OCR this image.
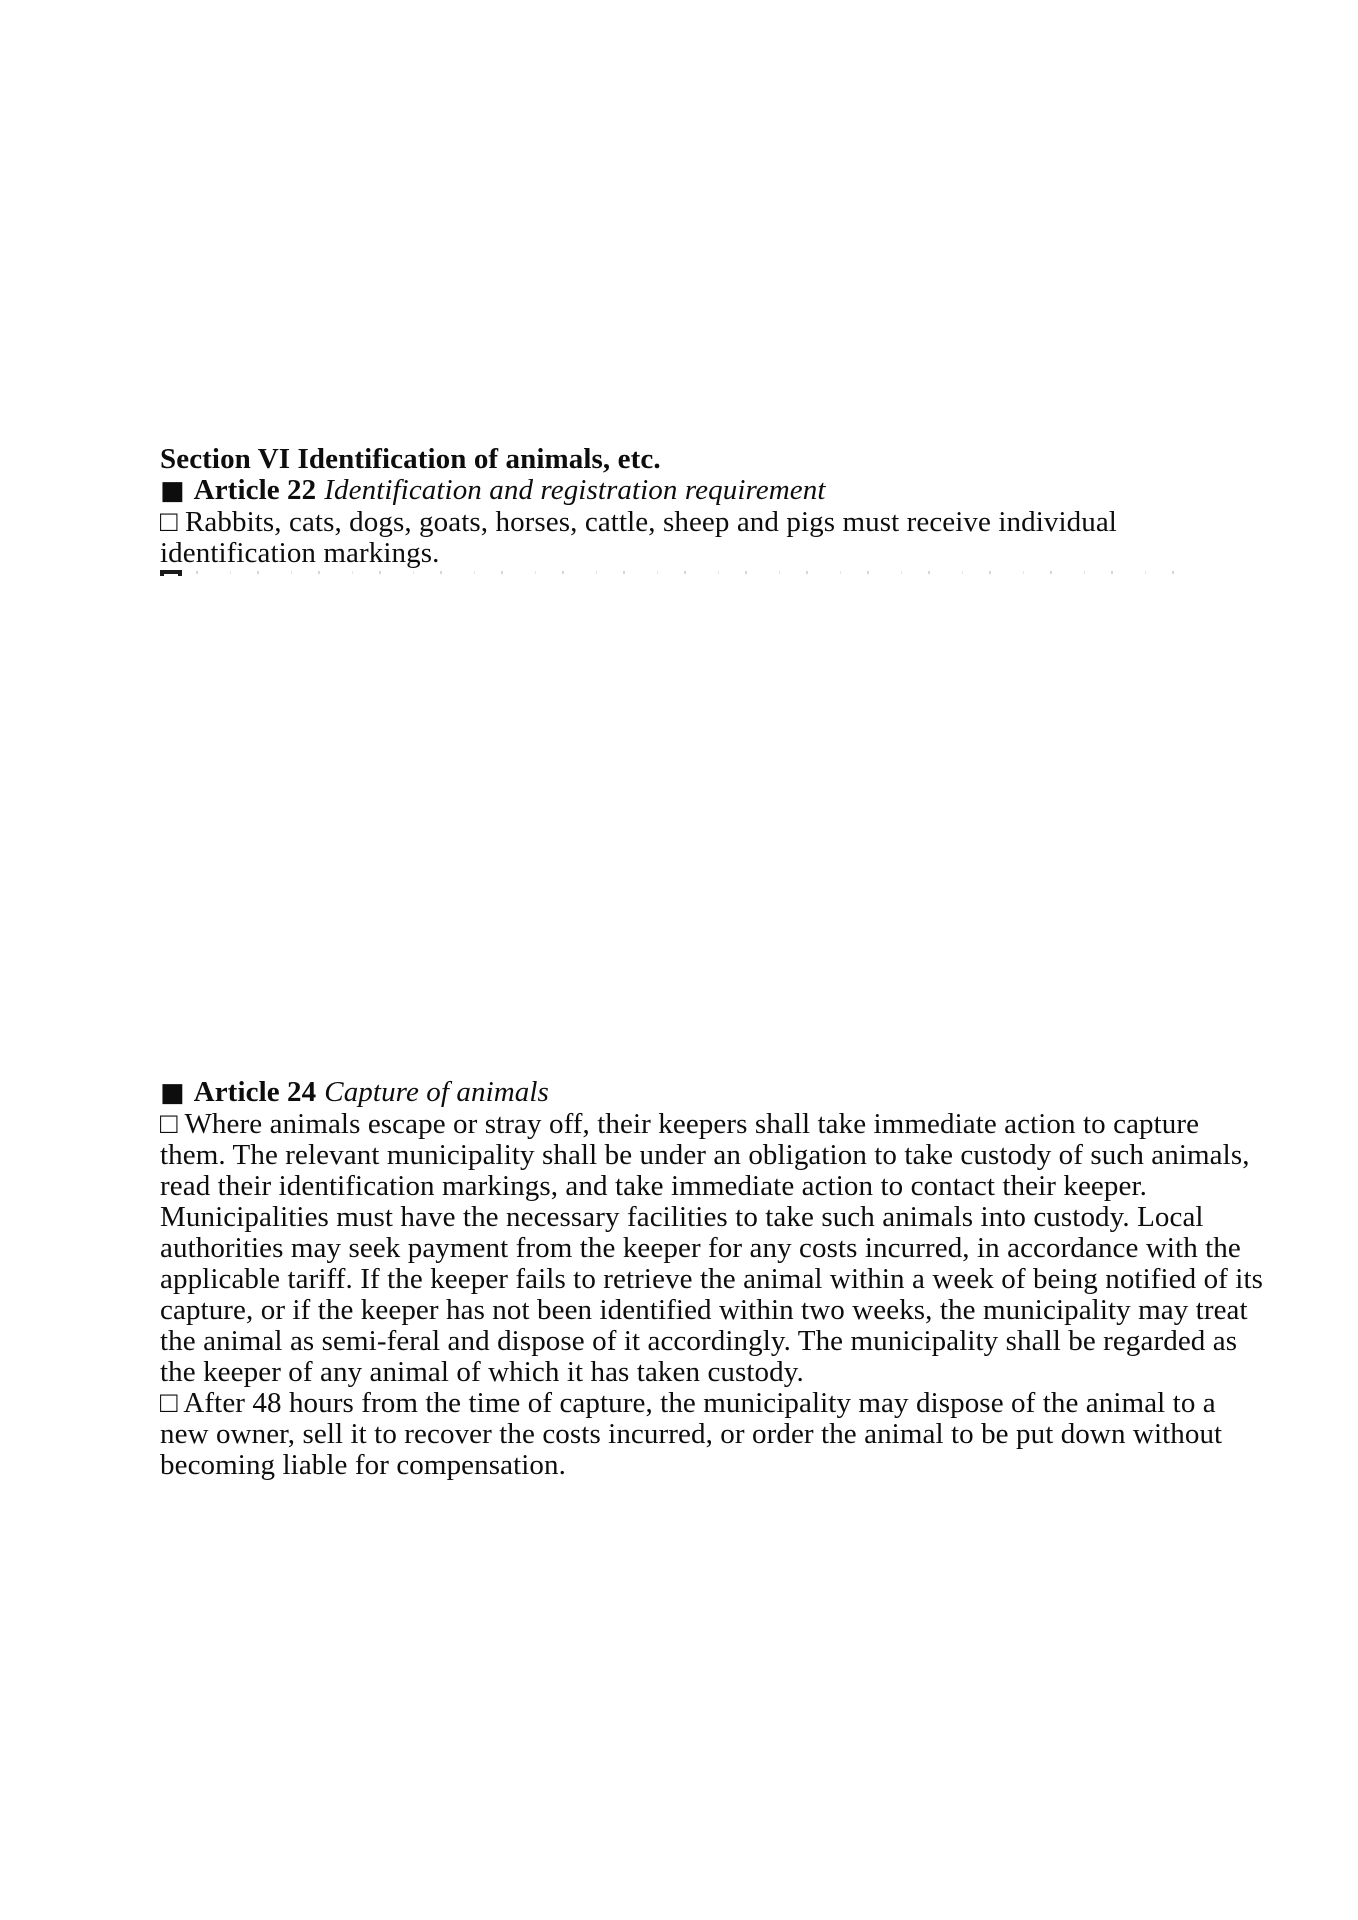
Section VI Identification of animals, etc.
■ Article 22 Identification and registration requirement
□ Rabbits, cats, dogs, goats, horses, cattle, sheep and pigs must receive individual
identification markings.
■ Article 24 Capture of animals
□ Where animals escape or stray off, their keepers shall take immediate action to capture
them. The relevant municipality shall be under an obligation to take custody of such animals,
read their identification markings, and take immediate action to contact their keeper.
Municipalities must have the necessary facilities to take such animals into custody. Local
authorities may seek payment from the keeper for any costs incurred, in accordance with the
applicable tariff. If the keeper fails to retrieve the animal within a week of being notified of its
capture, or if the keeper has not been identified within two weeks, the municipality may treat
the animal as semi-feral and dispose of it accordingly. The municipality shall be regarded as
the keeper of any animal of which it has taken custody.
□ After 48 hours from the time of capture, the municipality may dispose of the animal to a
new owner, sell it to recover the costs incurred, or order the animal to be put down without
becoming liable for compensation.
